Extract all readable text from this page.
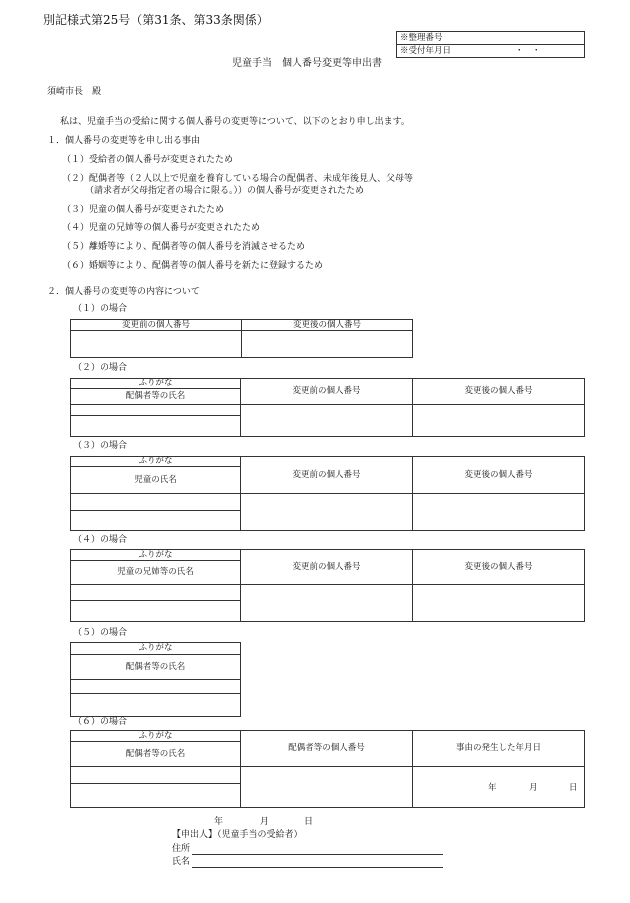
別記様式第25号（第31条、第33条関係）
※整理番号
※受付年月日	・　・
児童手当　個人番号変更等申出書
須崎市長　殿
私は、児童手当の受給に関する個人番号の変更等について、以下のとおり申し出ます。
１．個人番号の変更等を申し出る事由
（１）受給者の個人番号が変更されたため
（２）配偶者等（２人以上で児童を養育している場合の配偶者、未成年後見人、父母等
（請求者が父母指定者の場合に限る。））の個人番号が変更されたため
（３）児童の個人番号が変更されたため
（４）児童の兄姉等の個人番号が変更されたため
（５）離婚等により、配偶者等の個人番号を消滅させるため
（６）婚姻等により、配偶者等の個人番号を新たに登録するため
２．個人番号の変更等の内容について
（１）の場合
変更前の個人番号	変更後の個人番号

（２）の場合
ふりがな	変更前の個人番号	変更後の個人番号
配偶者等の氏名		

（３）の場合
ふりがな	変更前の個人番号	変更後の個人番号
児童の氏名		

（４）の場合
ふりがな	変更前の個人番号	変更後の個人番号
児童の兄姉等の氏名		

（５）の場合
ふりがな
配偶者等の氏名

（６）の場合
ふりがな	配偶者等の個人番号	事由の発生した年月日
配偶者等の氏名		

		年 月 日

年	月	日
【申出人】（児童手当の受給者）
住所
氏名
